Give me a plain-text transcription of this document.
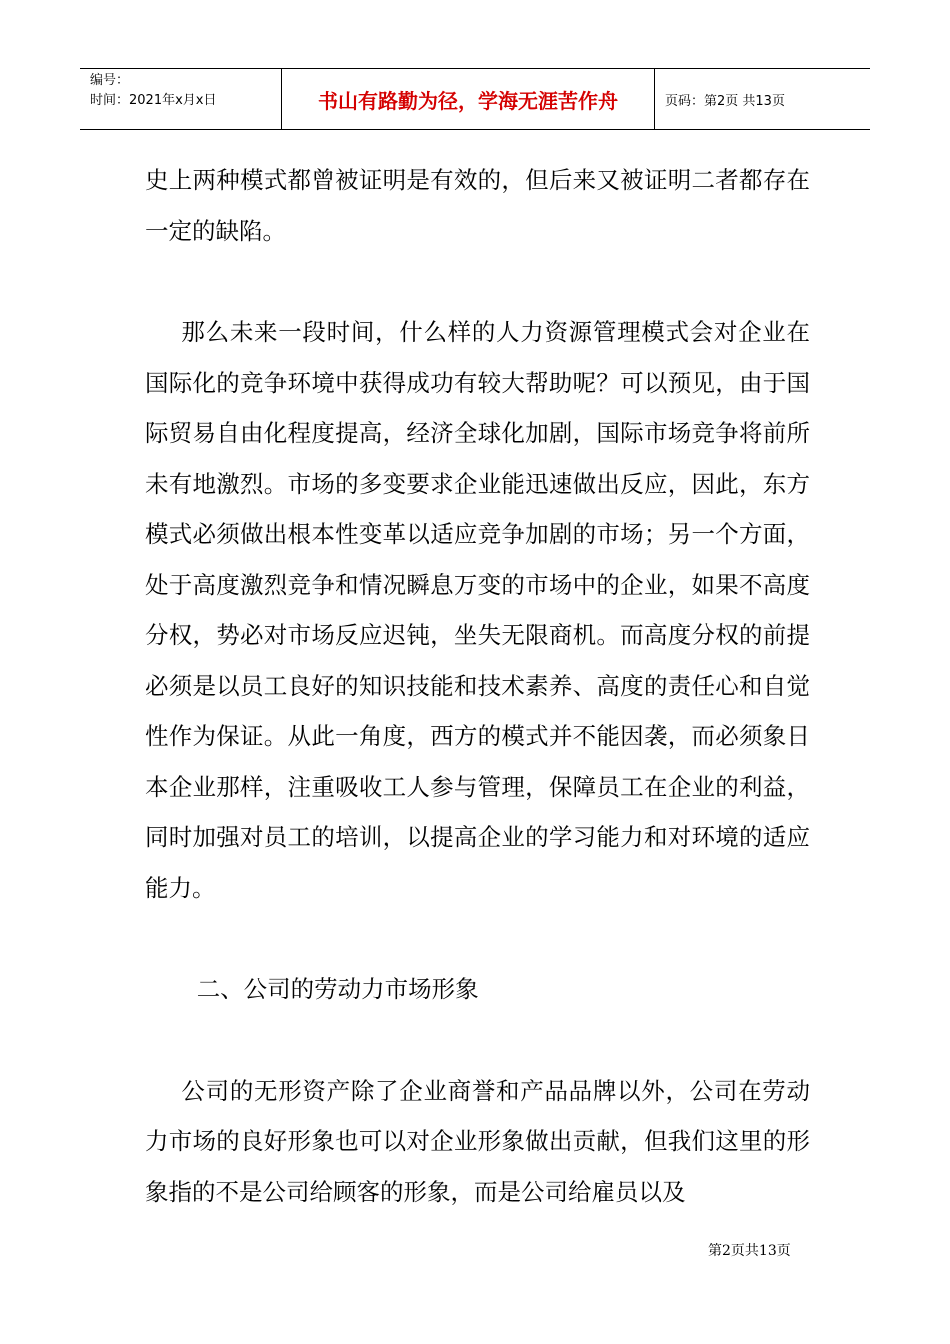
编号：
时间：2021年x月x日	书山有路勤为径，学海无涯苦作舟	页码：第2页 共13页

史上两种模式都曾被证明是有效的，但后来又被证明二者都存在一定的缺陷。

那么未来一段时间，什么样的人力资源管理模式会对企业在国际化的竞争环境中获得成功有较大帮助呢？可以预见，由于国际贸易自由化程度提高，经济全球化加剧，国际市场竞争将前所未有地激烈。市场的多变要求企业能迅速做出反应，因此，东方模式必须做出根本性变革以适应竞争加剧的市场；另一个方面，处于高度激烈竞争和情况瞬息万变的市场中的企业，如果不高度分权，势必对市场反应迟钝，坐失无限商机。而高度分权的前提必须是以员工良好的知识技能和技术素养、高度的责任心和自觉性作为保证。从此一角度，西方的模式并不能因袭，而必须象日本企业那样，注重吸收工人参与管理，保障员工在企业的利益，同时加强对员工的培训，以提高企业的学习能力和对环境的适应能力。

二、公司的劳动力市场形象

公司的无形资产除了企业商誉和产品品牌以外，公司在劳动力市场的良好形象也可以对企业形象做出贡献，但我们这里的形象指的不是公司给顾客的形象，而是公司给雇员以及

第2页共13页
